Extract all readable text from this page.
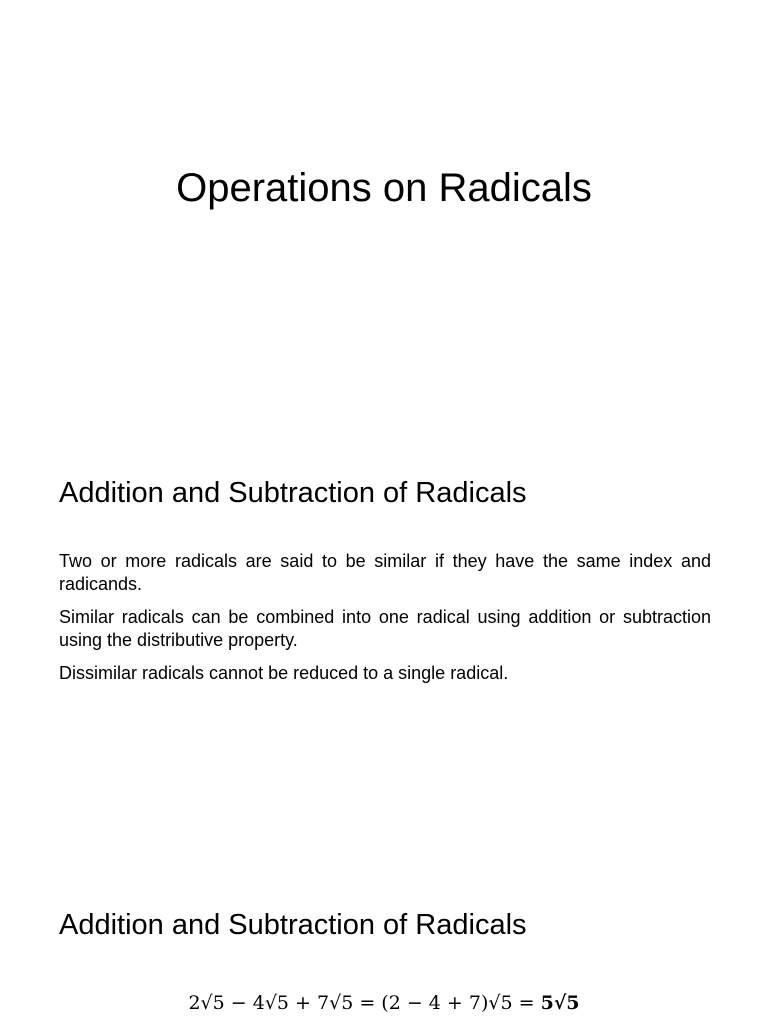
Operations on Radicals
Addition and Subtraction of Radicals

Two or more radicals are said to be similar if they have the same index and radicands.

Similar radicals can be combined into one radical using addition or subtraction using the distributive property.

Dissimilar radicals cannot be reduced to a single radical.

Addition and Subtraction of Radicals
2√5 − 4√5 + 7√5 = (2 − 4 + 7)√5 = 5√5
